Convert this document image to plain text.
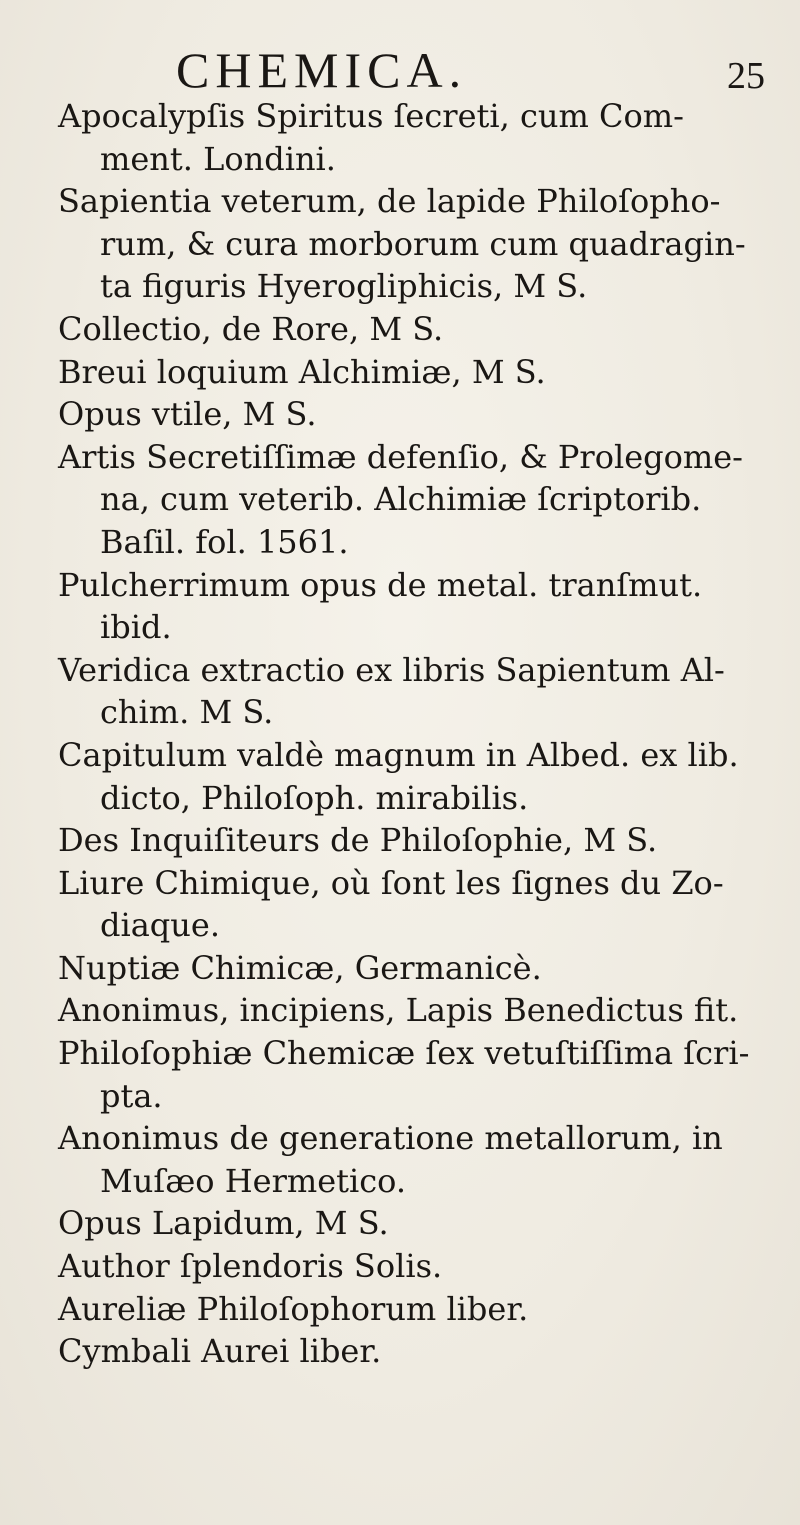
CHEMICA.	25
Apocalypſis Spiritus ſecreti, cum Com-
ment. Londini.
Sapientia veterum, de lapide Philoſopho-
rum, & cura morborum cum quadragin-
ta figuris Hyerogliphicis, M S.
Collectio, de Rore, M S.
Breui loquium Alchimiæ, M S.
Opus vtile, M S.
Artis Secretiſſimæ defenſio, & Prolegome-
na, cum veterib. Alchimiæ ſcriptorib.
Baſil. fol. 1561.
Pulcherrimum opus de metal. tranſmut.
ibid.
Veridica extractio ex libris Sapientum Al-
chim. M S.
Capitulum valdè magnum in Albed. ex lib.
dicto, Philoſoph. mirabilis.
Des Inquiſiteurs de Philoſophie, M S.
Liure Chimique, où ſont les ſignes du Zo-
diaque.
Nuptiæ Chimicæ, Germanicè.
Anonimus, incipiens, Lapis Benedictus fit.
Philoſophiæ Chemicæ ſex vetuſtiſſima ſcri-
pta.
Anonimus de generatione metallorum, in
Muſæo Hermetico.
Opus Lapidum, M S.
Author ſplendoris Solis.
Aureliæ Philoſophorum liber.
Cymbali Aurei liber.
